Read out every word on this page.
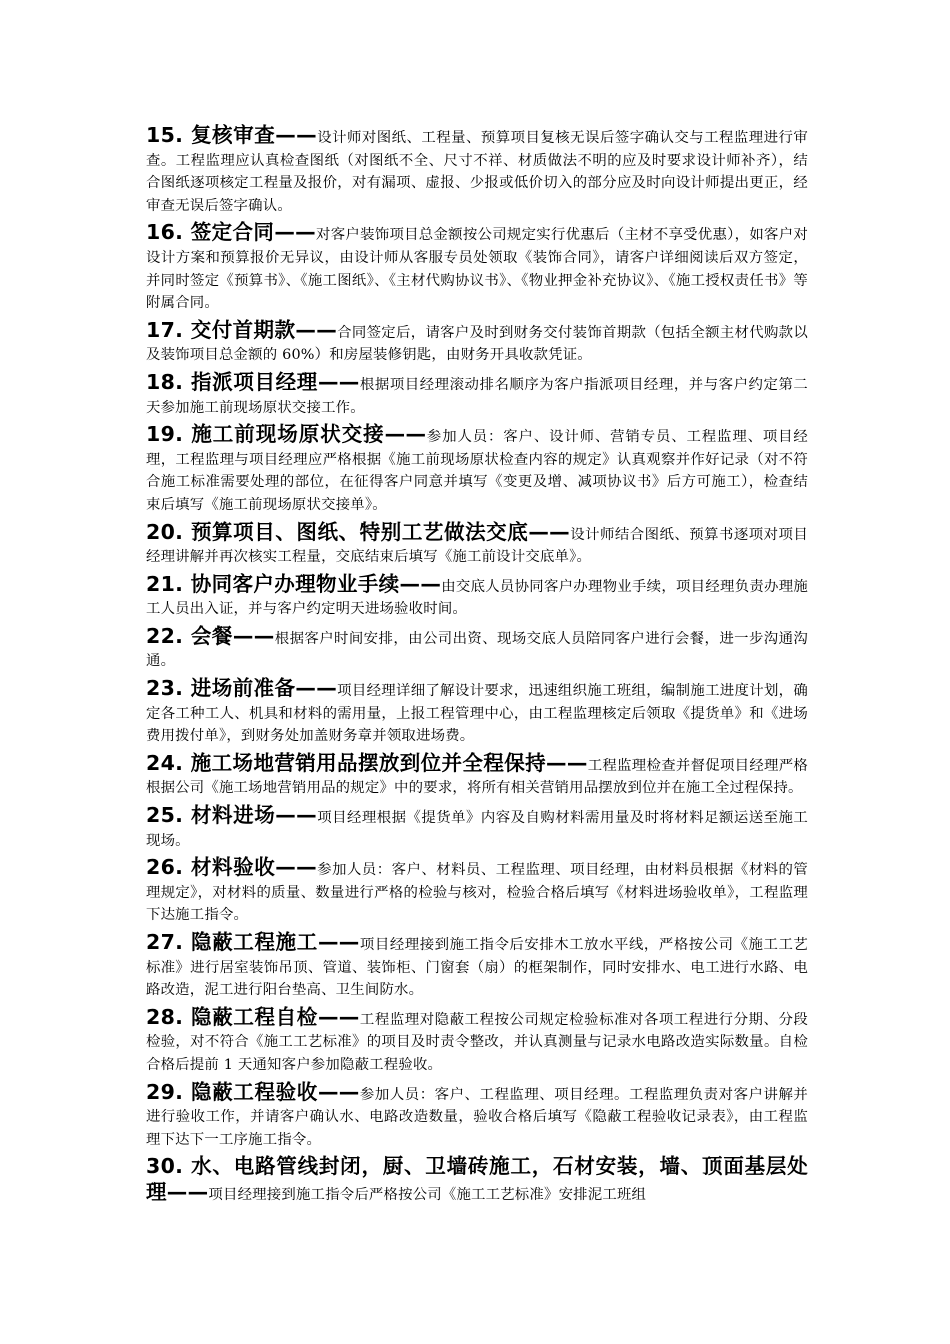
15. 复核审查——设计师对图纸、工程量、预算项目复核无误后签字确认交与工程监理进行审查。工程监理应认真检查图纸（对图纸不全、尺寸不祥、材质做法不明的应及时要求设计师补齐），结合图纸逐项核定工程量及报价，对有漏项、虚报、少报或低价切入的部分应及时向设计师提出更正，经审查无误后签字确认。

16. 签定合同——对客户装饰项目总金额按公司规定实行优惠后（主材不享受优惠），如客户对设计方案和预算报价无异议，由设计师从客服专员处领取《装饰合同》，请客户详细阅读后双方签定，并同时签定《预算书》、《施工图纸》、《主材代购协议书》、《物业押金补充协议》、《施工授权责任书》等附属合同。

17. 交付首期款——合同签定后，请客户及时到财务交付装饰首期款（包括全额主材代购款以及装饰项目总金额的 60%）和房屋装修钥匙，由财务开具收款凭证。

18. 指派项目经理——根据项目经理滚动排名顺序为客户指派项目经理，并与客户约定第二天参加施工前现场原状交接工作。

19. 施工前现场原状交接——参加人员：客户、设计师、营销专员、工程监理、项目经理，工程监理与项目经理应严格根据《施工前现场原状检查内容的规定》认真观察并作好记录（对不符合施工标准需要处理的部位，在征得客户同意并填写《变更及增、减项协议书》后方可施工），检查结束后填写《施工前现场原状交接单》。

20. 预算项目、图纸、特别工艺做法交底——设计师结合图纸、预算书逐项对项目经理讲解并再次核实工程量，交底结束后填写《施工前设计交底单》。

21. 协同客户办理物业手续——由交底人员协同客户办理物业手续，项目经理负责办理施工人员出入证，并与客户约定明天进场验收时间。

22. 会餐——根据客户时间安排，由公司出资、现场交底人员陪同客户进行会餐，进一步沟通沟通。

23. 进场前准备——项目经理详细了解设计要求，迅速组织施工班组，编制施工进度计划，确定各工种工人、机具和材料的需用量，上报工程管理中心，由工程监理核定后领取《提货单》和《进场费用拨付单》，到财务处加盖财务章并领取进场费。

24. 施工场地营销用品摆放到位并全程保持——工程监理检查并督促项目经理严格根据公司《施工场地营销用品的规定》中的要求，将所有相关营销用品摆放到位并在施工全过程保持。

25. 材料进场——项目经理根据《提货单》内容及自购材料需用量及时将材料足额运送至施工现场。

26. 材料验收——参加人员：客户、材料员、工程监理、项目经理，由材料员根据《材料的管理规定》，对材料的质量、数量进行严格的检验与核对，检验合格后填写《材料进场验收单》，工程监理下达施工指令。

27. 隐蔽工程施工——项目经理接到施工指令后安排木工放水平线，严格按公司《施工工艺标准》进行居室装饰吊顶、管道、装饰柜、门窗套（扇）的框架制作，同时安排水、电工进行水路、电路改造，泥工进行阳台垫高、卫生间防水。

28. 隐蔽工程自检——工程监理对隐蔽工程按公司规定检验标准对各项工程进行分期、分段检验，对不符合《施工工艺标准》的项目及时责令整改，并认真测量与记录水电路改造实际数量。自检合格后提前 1 天通知客户参加隐蔽工程验收。

29. 隐蔽工程验收——参加人员：客户、工程监理、项目经理。工程监理负责对客户讲解并进行验收工作，并请客户确认水、电路改造数量，验收合格后填写《隐蔽工程验收记录表》，由工程监理下达下一工序施工指令。

30. 水、电路管线封闭，厨、卫墙砖施工，石材安装，墙、顶面基层处理——项目经理接到施工指令后严格按公司《施工工艺标准》安排泥工班组
